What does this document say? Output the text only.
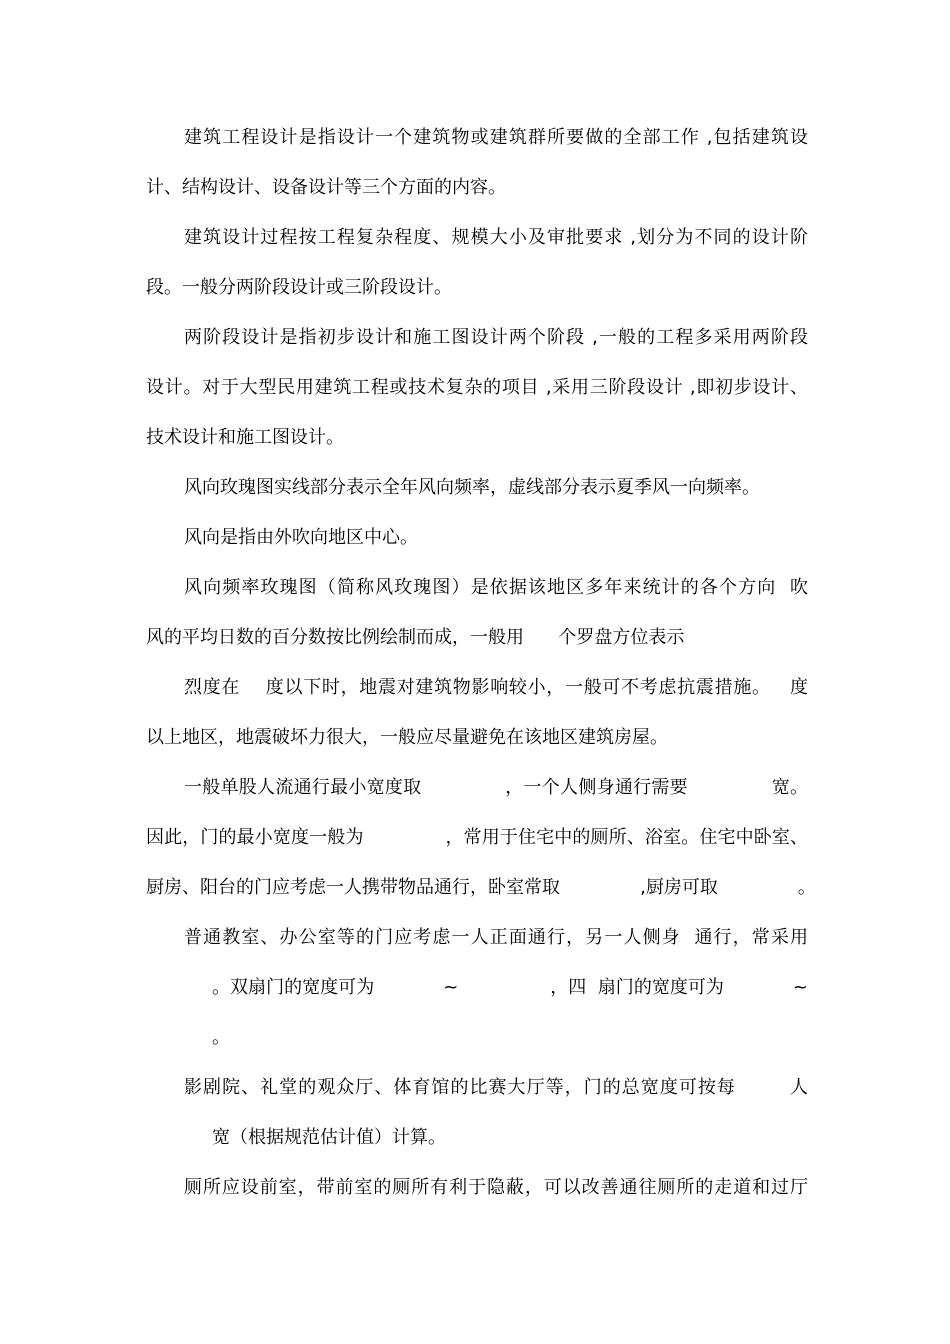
建筑工程设计是指设计一个建筑物或建筑群所要做的全部工作 ,包括建筑设
计、结构设计、设备设计等三个方面的内容。
建筑设计过程按工程复杂程度、规模大小及审批要求 ,划分为不同的设计阶
段。一般分两阶段设计或三阶段设计。
两阶段设计是指初步设计和施工图设计两个阶段 ,一般的工程多采用两阶段
设计。对于大型民用建筑工程或技术复杂的项目 ,采用三阶段设计 ,即初步设计、
技术设计和施工图设计。
风向玫瑰图实线部分表示全年风向频率，虚线部分表示夏季风一向频率。
风向是指由外吹向地区中心。
风向频率玫瑰图（简称风玫瑰图）是依据该地区多年来统计的各个方向  吹
风的平均日数的百分数按比例绘制而成，一般用      个罗盘方位表示
烈度在    度以下时，地震对建筑物影响较小，一般可不考虑抗震措施。   度
以上地区，地震破坏力很大，一般应尽量避免在该地区建筑房屋。
一般单股人流通行最小宽度取              ，一个人侧身通行需要              宽。
因此，门的最小宽度一般为              ，常用于住宅中的厕所、浴室。住宅中卧室、
厨房、阳台的门应考虑一人携带物品通行，卧室常取              ,厨房可取              。
普通教室、办公室等的门应考虑一人正面通行，另一人侧身  通行，常采用
。双扇门的宽度可为            ~                ，四  扇门的宽度可为            ~
。
影剧院、礼堂的观众厅、体育馆的比赛大厅等，门的总宽度可按每        人
宽（根据规范估计值）计算。
厕所应设前室，带前室的厕所有利于隐蔽，可以改善通往厕所的走道和过厅
